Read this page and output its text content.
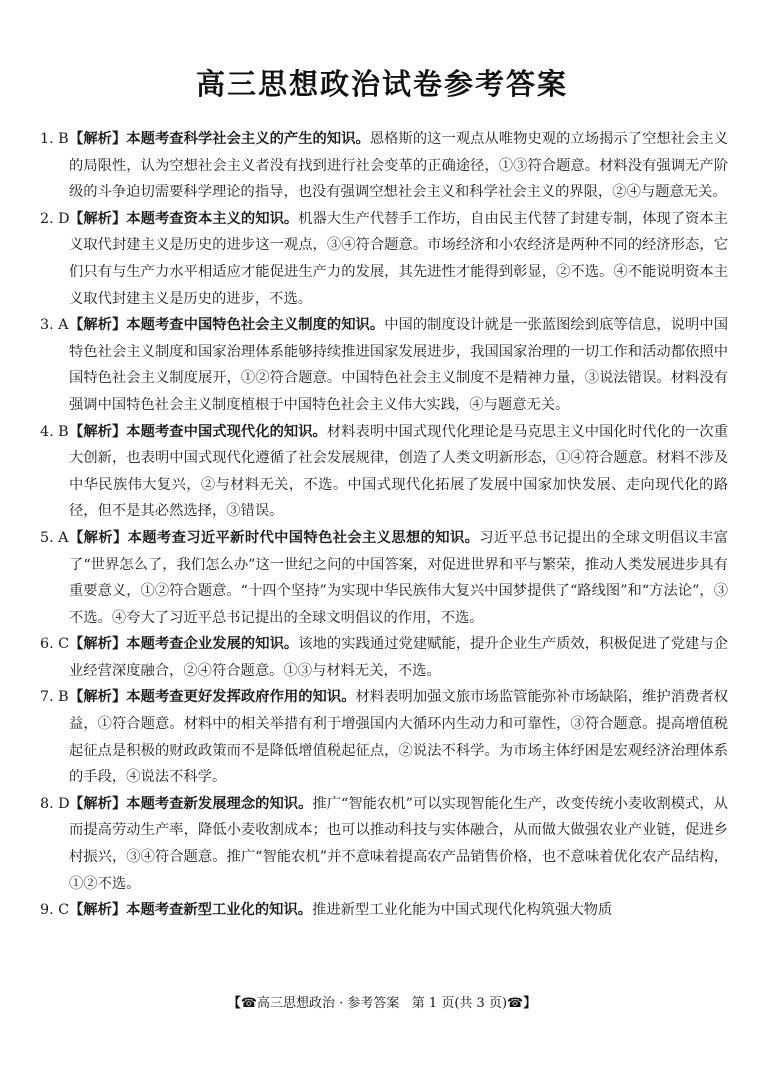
高三思想政治试卷参考答案
1. B 【解析】本题考查科学社会主义的产生的知识。恩格斯的这一观点从唯物史观的立场揭示了空想社会主义的局限性，认为空想社会主义者没有找到进行社会变革的正确途径，①③符合题意。材料没有强调无产阶级的斗争迫切需要科学理论的指导，也没有强调空想社会主义和科学社会主义的界限，②④与题意无关。
2. D 【解析】本题考查资本主义的知识。机器大生产代替手工作坊，自由民主代替了封建专制，体现了资本主义取代封建主义是历史的进步这一观点，③④符合题意。市场经济和小农经济是两种不同的经济形态，它们只有与生产力水平相适应才能促进生产力的发展，其先进性才能得到彰显，②不选。④不能说明资本主义取代封建主义是历史的进步，不选。
3. A 【解析】本题考查中国特色社会主义制度的知识。中国的制度设计就是一张蓝图绘到底等信息，说明中国特色社会主义制度和国家治理体系能够持续推进国家发展进步，我国国家治理的一切工作和活动都依照中国特色社会主义制度展开，①②符合题意。中国特色社会主义制度不是精神力量，③说法错误。材料没有强调中国特色社会主义制度植根于中国特色社会主义伟大实践，④与题意无关。
4. B 【解析】本题考查中国式现代化的知识。材料表明中国式现代化理论是马克思主义中国化时代化的一次重大创新，也表明中国式现代化遵循了社会发展规律，创造了人类文明新形态，①④符合题意。材料不涉及中华民族伟大复兴，②与材料无关，不选。中国式现代化拓展了发展中国家加快发展、走向现代化的路径，但不是其必然选择，③错误。
5. A 【解析】本题考查习近平新时代中国特色社会主义思想的知识。习近平总书记提出的全球文明倡议丰富了“世界怎么了，我们怎么办”这一世纪之问的中国答案，对促进世界和平与繁荣，推动人类发展进步具有重要意义，①②符合题意。“十四个坚持”为实现中华民族伟大复兴中国梦提供了“路线图”和“方法论”，③不选。④夸大了习近平总书记提出的全球文明倡议的作用，不选。
6. C 【解析】本题考查企业发展的知识。该地的实践通过党建赋能，提升企业生产质效，积极促进了党建与企业经营深度融合，②④符合题意。①③与材料无关，不选。
7. B 【解析】本题考查更好发挥政府作用的知识。材料表明加强文旅市场监管能弥补市场缺陷，维护消费者权益，①符合题意。材料中的相关举措有利于增强国内大循环内生动力和可靠性，③符合题意。提高增值税起征点是积极的财政政策而不是降低增值税起征点，②说法不科学。为市场主体纾困是宏观经济治理体系的手段，④说法不科学。
8. D 【解析】本题考查新发展理念的知识。推广“智能农机”可以实现智能化生产，改变传统小麦收割模式，从而提高劳动生产率，降低小麦收割成本；也可以推动科技与实体融合，从而做大做强农业产业链，促进乡村振兴，③④符合题意。推广“智能农机”并不意味着提高农产品销售价格，也不意味着优化农产品结构，①②不选。
9. C 【解析】本题考查新型工业化的知识。推进新型工业化能为中国式现代化构筑强大物质
【☎高三思想政治 · 参考答案 第 1 页(共 3 页)☎】
